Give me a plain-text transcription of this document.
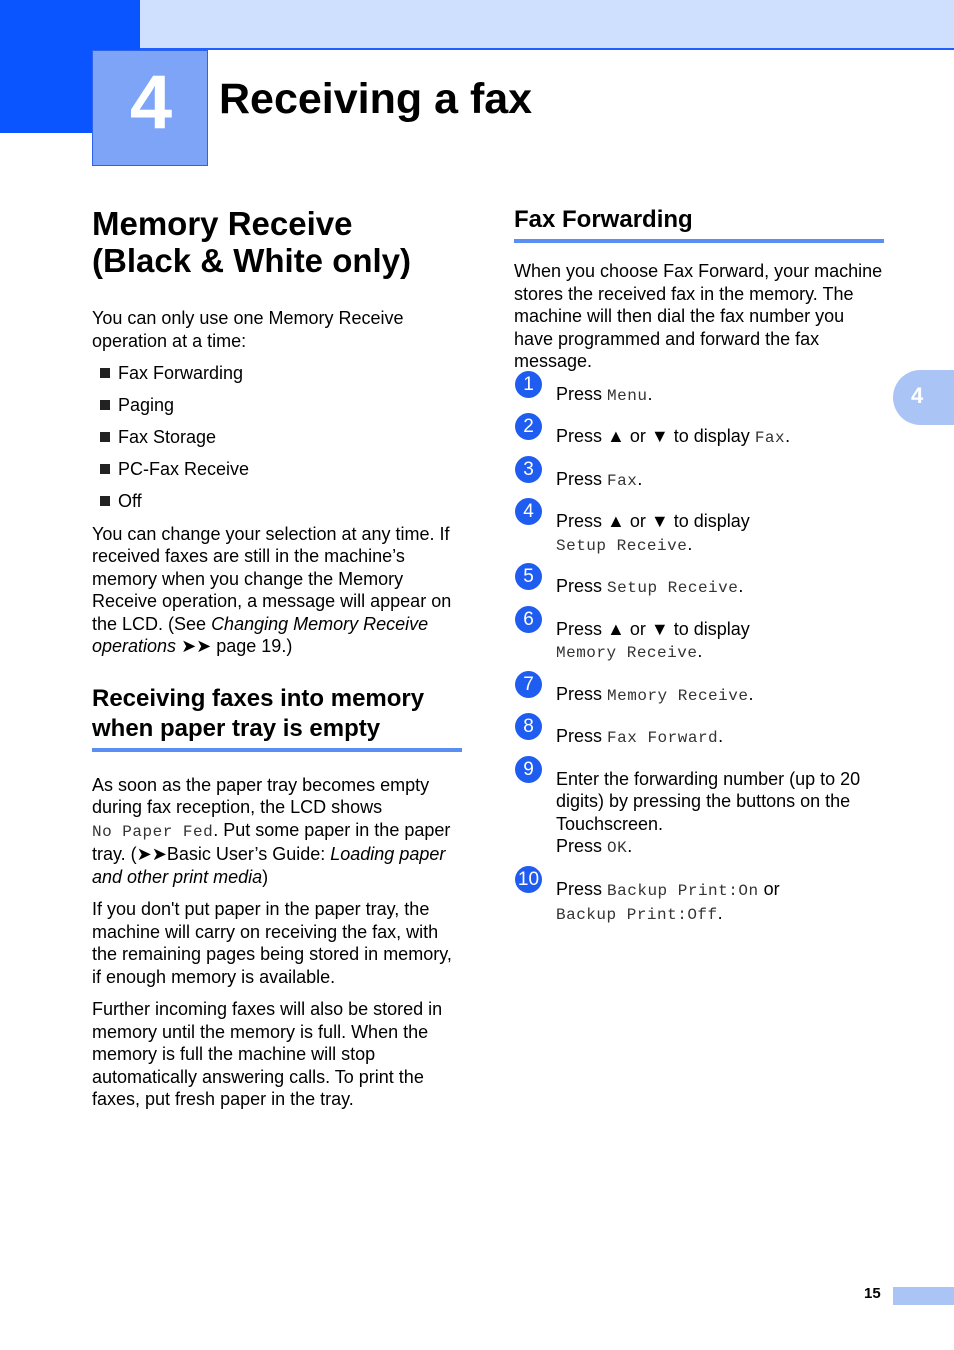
4	Receiving a fax
4
Memory Receive
(Black & White only)

You can only use one Memory Receive operation at a time:

Fax Forwarding
Paging
Fax Storage
PC-Fax Receive
Off

You can change your selection at any time. If received faxes are still in the machine’s memory when you change the Memory Receive operation, a message will appear on the LCD. (See Changing Memory Receive operations ➤➤ page 19.)

Receiving faxes into memory
when paper tray is empty

As soon as the paper tray becomes empty during fax reception, the LCD shows
No Paper Fed. Put some paper in the paper tray. (➤➤Basic User’s Guide: Loading paper and other print media)

If you don't put paper in the paper tray, the machine will carry on receiving the fax, with the remaining pages being stored in memory, if enough memory is available.

Further incoming faxes will also be stored in memory until the memory is full. When the memory is full the machine will stop automatically answering calls. To print the faxes, put fresh paper in the tray.

Fax Forwarding

When you choose Fax Forward, your machine stores the received fax in the memory. The machine will then dial the fax number you have programmed and forward the fax message.

1	Press Menu.
2	Press ▲ or ▼ to display Fax.
3	Press Fax.
4	Press ▲ or ▼ to display
Setup Receive.
5	Press Setup Receive.
6	Press ▲ or ▼ to display
Memory Receive.
7	Press Memory Receive.
8	Press Fax Forward.
9	Enter the forwarding number (up to 20 digits) by pressing the buttons on the Touchscreen.
Press OK.
10 Press Backup Print:On or
Backup Print:Off.
15
